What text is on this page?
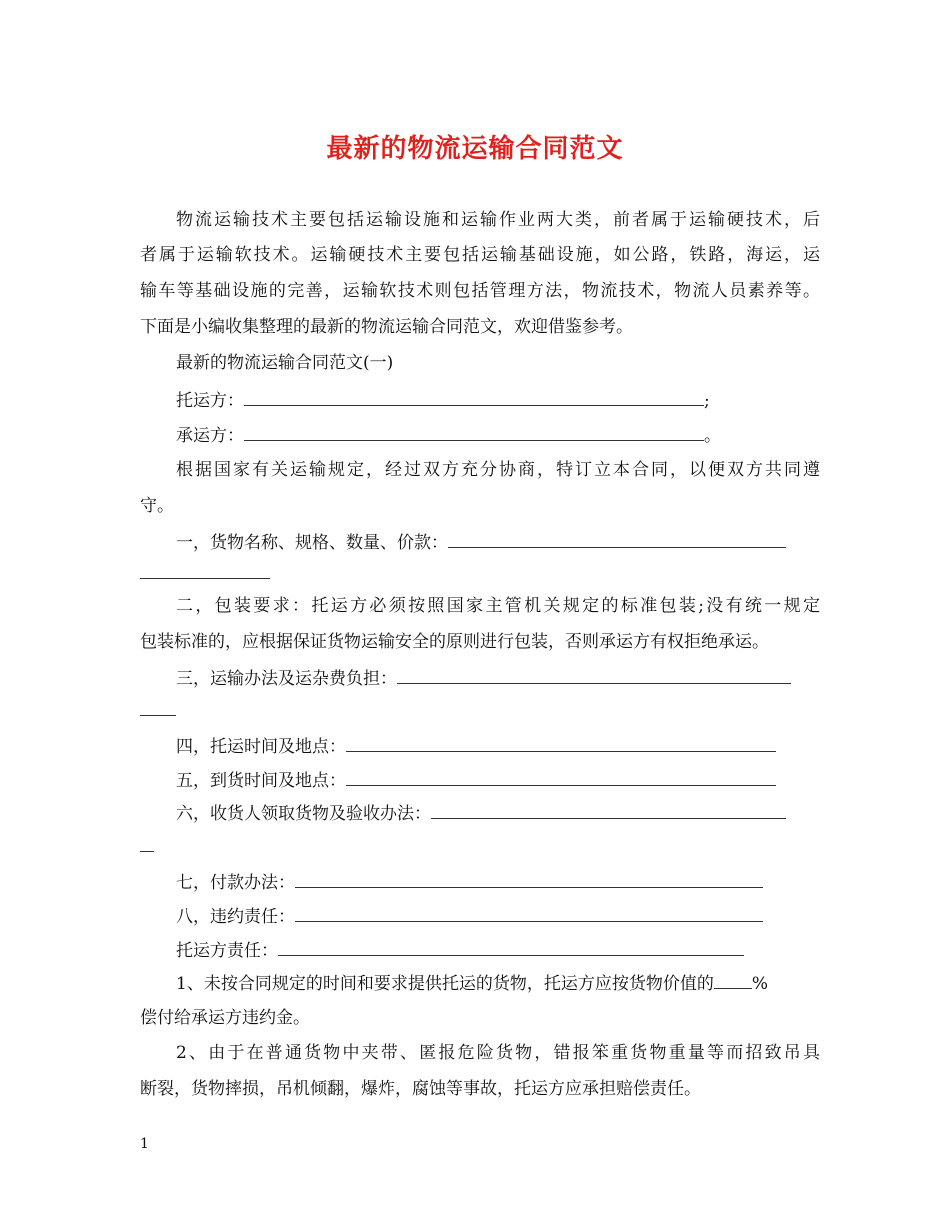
最新的物流运输合同范文
物流运输技术主要包括运输设施和运输作业两大类，前者属于运输硬技术，后
者属于运输软技术。运输硬技术主要包括运输基础设施，如公路，铁路，海运，运
输车等基础设施的完善，运输软技术则包括管理方法，物流技术，物流人员素养等。
下面是小编收集整理的最新的物流运输合同范文，欢迎借鉴参考。
最新的物流运输合同范文(一)
托运方：	;
承运方：	。
根据国家有关运输规定，经过双方充分协商，特订立本合同，以便双方共同遵
守。
一，货物名称、规格、数量、价款：
二，包装要求：托运方必须按照国家主管机关规定的标准包装;没有统一规定
包装标准的，应根据保证货物运输安全的原则进行包装，否则承运方有权拒绝承运。
三，运输办法及运杂费负担：
四，托运时间及地点：
五，到货时间及地点：
六，收货人领取货物及验收办法：
七，付款办法：
八，违约责任：
托运方责任：
1、未按合同规定的时间和要求提供托运的货物，托运方应按货物价值的 %
偿付给承运方违约金。
2、由于在普通货物中夹带、匿报危险货物，错报笨重货物重量等而招致吊具
断裂，货物摔损，吊机倾翻，爆炸，腐蚀等事故，托运方应承担赔偿责任。
1
